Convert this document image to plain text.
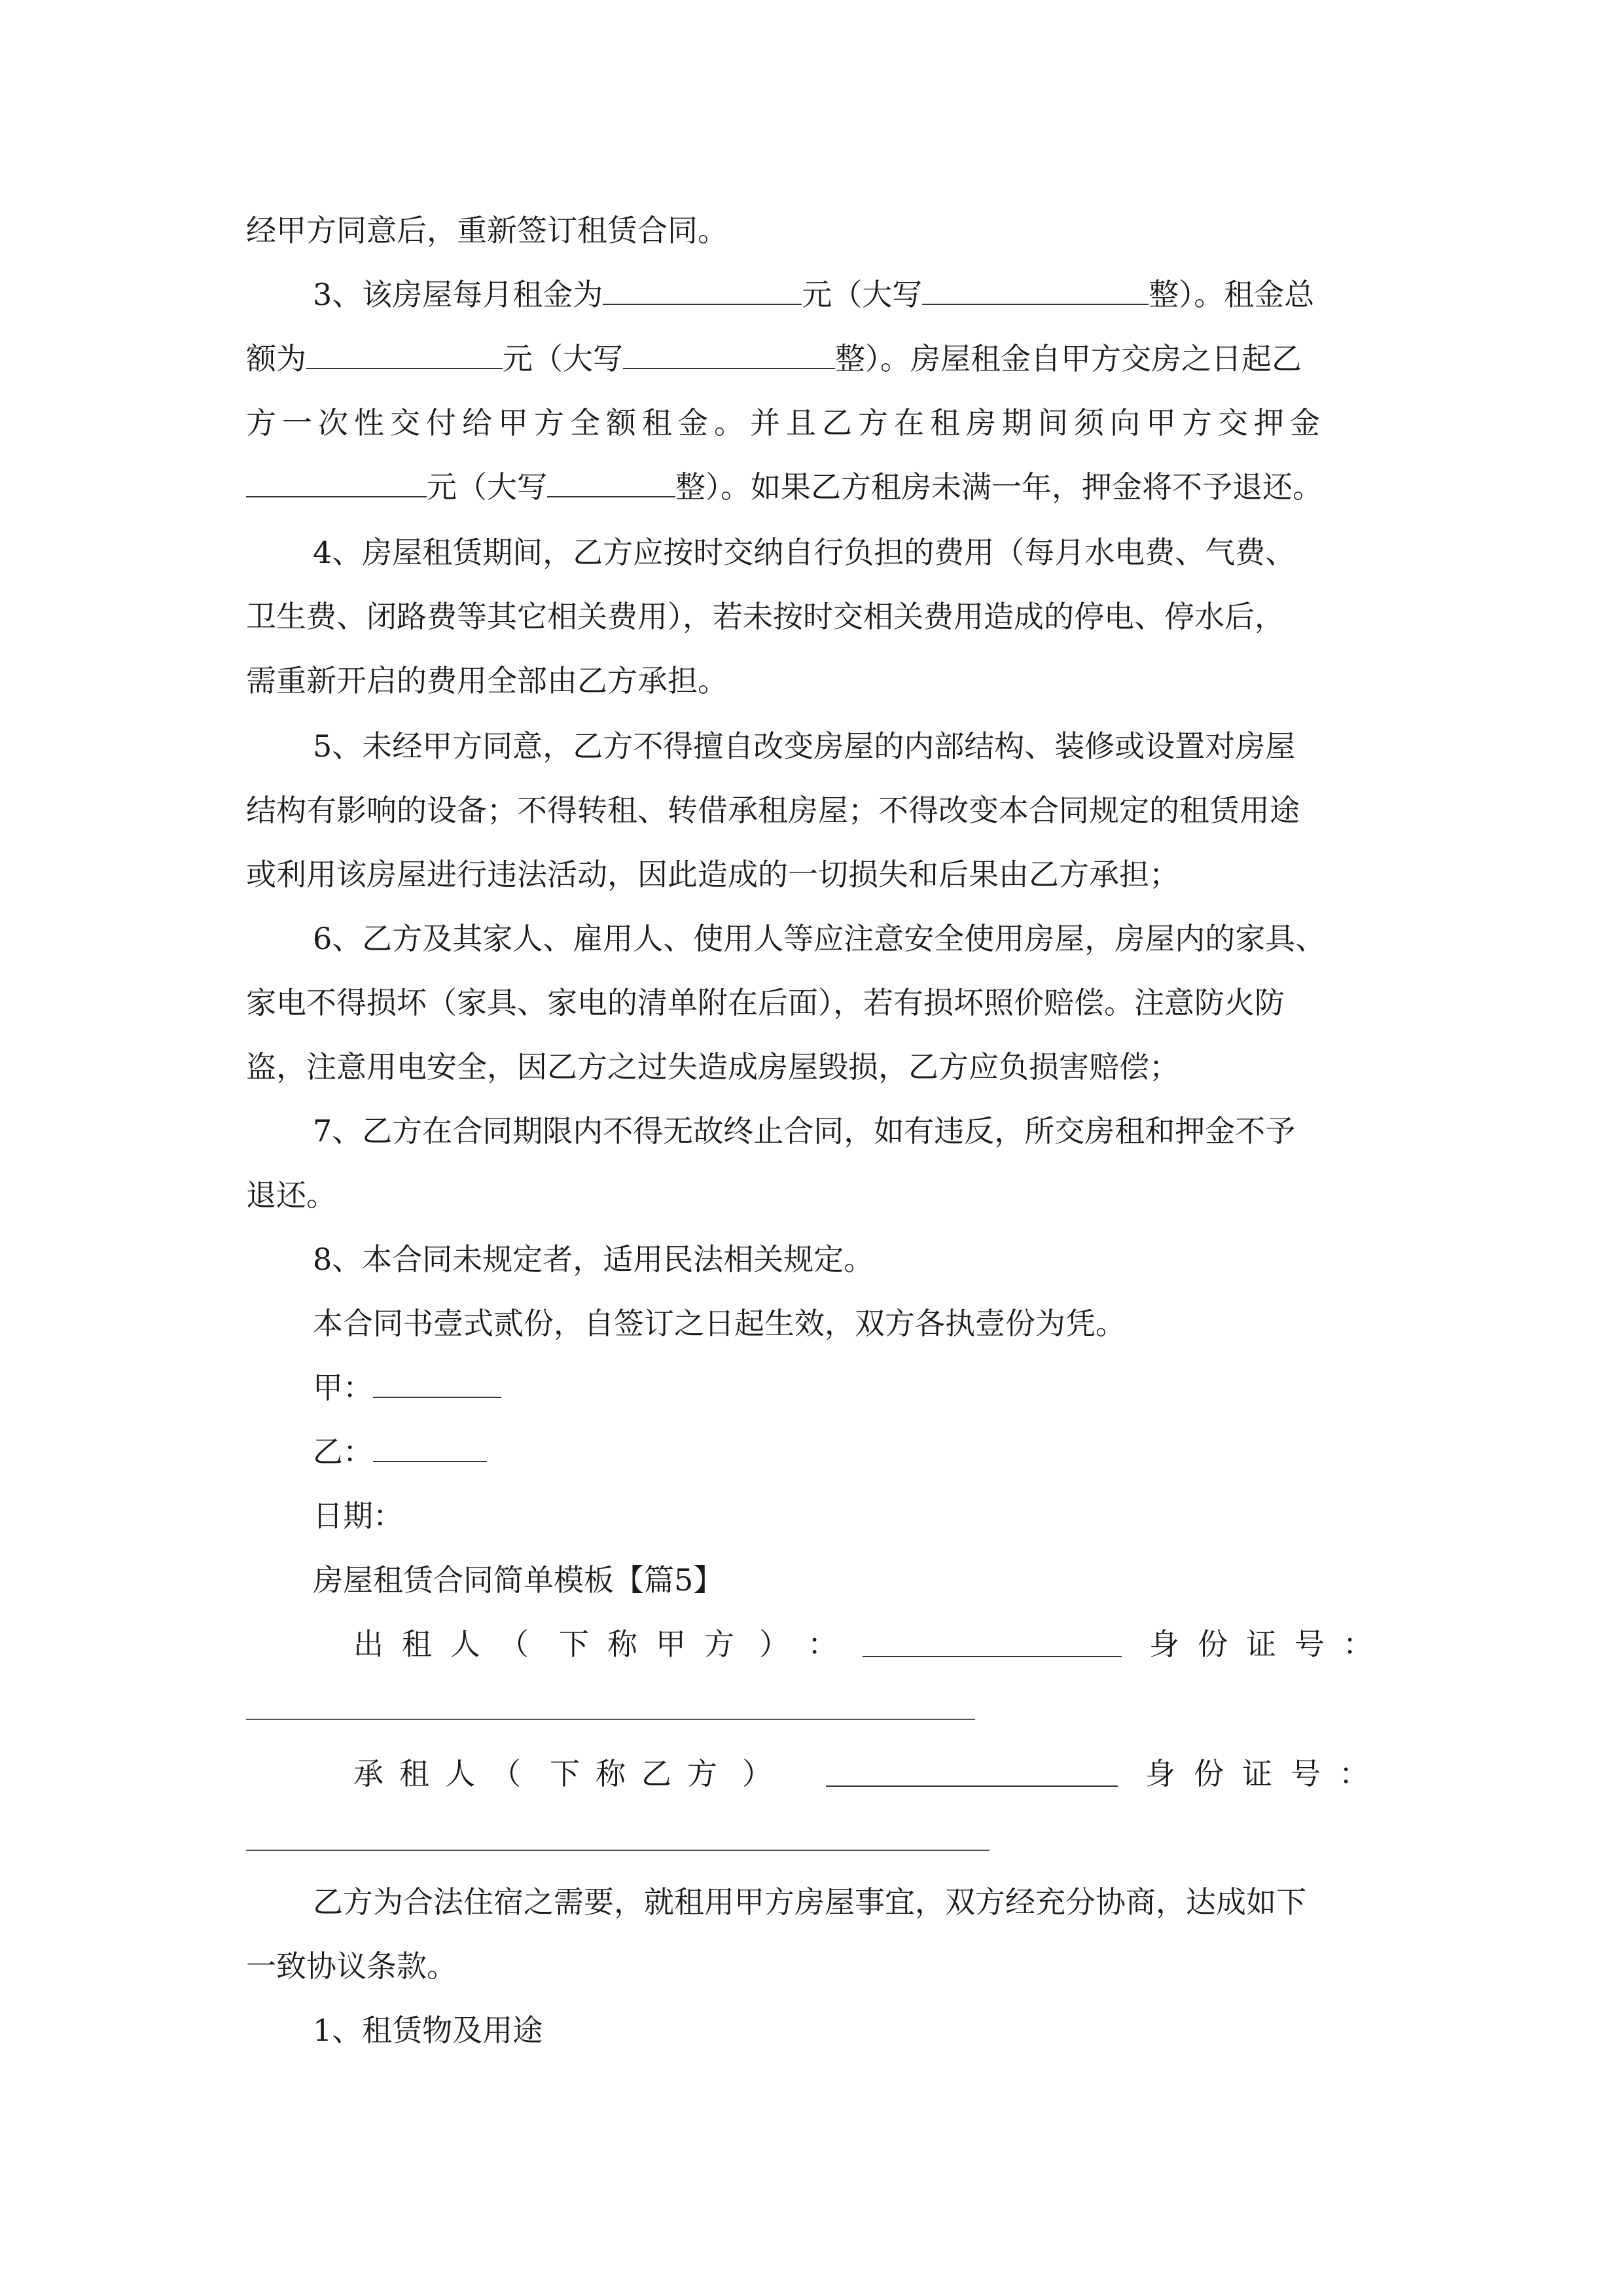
经甲方同意后，重新签订租赁合同。
3、该房屋每月租金为	元（大写	整）。租金总
额为	元（大写	整）。房屋租金自甲方交房之日起乙
方一次性交付给甲方全额租金。并且乙方在租房期间须向甲方交押金
元（大写	整）。如果乙方租房未满一年，押金将不予退还。
4、房屋租赁期间，乙方应按时交纳自行负担的费用（每月水电费、气费、
卫生费、闭路费等其它相关费用），若未按时交相关费用造成的停电、停水后，
需重新开启的费用全部由乙方承担。
5、未经甲方同意，乙方不得擅自改变房屋的内部结构、装修或设置对房屋
结构有影响的设备；不得转租、转借承租房屋；不得改变本合同规定的租赁用途
或利用该房屋进行违法活动，因此造成的一切损失和后果由乙方承担；
6、乙方及其家人、雇用人、使用人等应注意安全使用房屋，房屋内的家具、
家电不得损坏（家具、家电的清单附在后面），若有损坏照价赔偿。注意防火防
盗，注意用电安全，因乙方之过失造成房屋毁损，乙方应负损害赔偿；
7、乙方在合同期限内不得无故终止合同，如有违反，所交房租和押金不予
退还。
8、本合同未规定者，适用民法相关规定。
本合同书壹式贰份，自签订之日起生效，双方各执壹份为凭。
甲：
乙：
日期：
房屋租赁合同简单模板【篇5】
出 租 人 （ 下 称 甲 方 ） ：	身 份 证 号 ：
承 租 人 （ 下 称 乙 方 ）	身 份 证 号 ：
乙方为合法住宿之需要，就租用甲方房屋事宜，双方经充分协商，达成如下
一致协议条款。
1、租赁物及用途
